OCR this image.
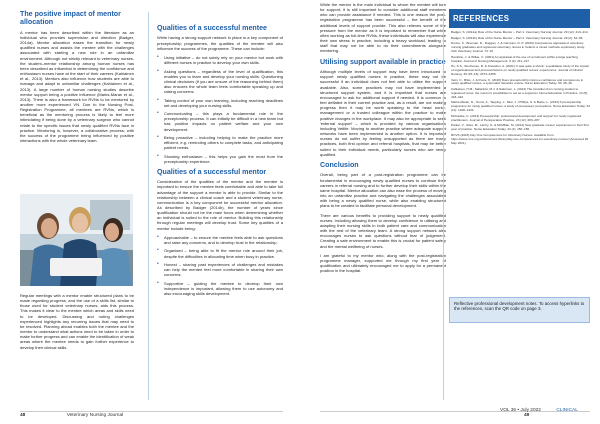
The positive impact of mentor allocation

A mentor has been described within the literature as an individual who provides supervision and direction (Badger, 2014a). Mentor allocation eases the transition for newly qualified nurses and assists the mentee with the challenges associated with starting a new role in an unfamiliar environment. Although not strictly relevant to veterinary nurses, the student–mentor relationship among human nurses has been described as influential in determining the confidence and enthusiasm nurses have at the start of their careers (Kahlainen et al., 2013). Mentors also influence how students are able to manage and adapt to unfamiliar challenges (Kahlainen et al., 2013). A large number of human nursing studies describe mentor support being a positive influence (Marks-Maran et al., 2013). There is also a framework for RVNs to be mentored by another more experienced VN. Due to the Nursing Post-Registration Programme, all mentees are RVNs, which is beneficial as the mentoring process is likely to feel more intimidating if being done by a veterinary surgeon who cannot relate to the specific issues that newly qualified RVNs face in practice. Mentoring is, however, a collaborative process; with the success of the programme being influenced by positive interactions with the whole veterinary team.

Regular meetings with a mentor enable structured plans to be made regarding progress, and the use of a skills list, similar to those used for student veterinary nurses, aids this process. This makes it clear to the mentee which areas and skills need to be developed. Discussing and noting challenges experienced highlights any recurring issues that may need to be resolved. Planning ahead enables both the mentee and the mentor to understand what actions need to be taken in order to make further progress and can enable the identification of weak areas where the mentee needs to gain further experience to develop their clinical skills.

Qualities of a successful mentee

While having a strong support network in place is a key component of preceptorship programmes, the qualities of the mentee will also influence the success of the programme. These can include:

• Using initiative – do not solely rely on your mentor but work with different nurses in practice to develop your own skills.
• Asking questions – regardless of the level of qualification, this enables you to learn and develop your nursing skills. Questioning clinical decisions (if you are unsure of the reasoning behind them) also ensures the whole team feels comfortable speaking up and raising concerns.
• Taking control of your own learning, including reaching deadlines set and developing your nursing skills.
• Communicating – this plays a fundamental role in the preceptorship process. It can initially be difficult in a new team but has positive impacts on patient welfare and your own development.
• Being proactive – including helping to make the practice more efficient, e.g. reminding others to complete tasks, and anticipating patient needs.
• Showing enthusiasm – this helps you gain the most from the preceptorship experience.
Qualities of a successful mentor

Consideration of the qualities of the mentor and the mentee is important to ensure the mentee feels comfortable and able to take full advantage of the support a mentor is able to provide. Similar to the relationship between a clinical coach and a student veterinary nurse, communication is a key component for successful mentor allocation. As described by Badger (2014b), the number of years since qualification should not be the main focus when determining whether an individual is suited to the role of mentor. Building this relationship through regular meetings will develop trust. Some key qualities of a mentor include being:

• Approachable – to ensure the mentee feels able to ask questions and raise any concerns, and to develop trust in the relationship.
• Organised – being able to fit the mentor role around their job, despite the difficulties in allocating time when busy in practice.
• Honest – sharing past experiences of challenges and mistakes can help the mentee feel more comfortable in sharing their own concerns.
• Supportive – guiding the mentee to develop their own independence is important, allowing them to use autonomy and also encouraging skills development.
48	Veterinary Nursing Journal

While the mentor is the main individual to whom the mentee will turn for support, it is still important to consider additional staff members who can provide assistance if needed. This is one reason the post-registration programme has been successful – the benefit of the additional levels of support provide. This also relieves some of the pressure from the mentor as it is important to remember that while often working as full-time RVNs, these individuals will also experience their own stress in practice, including a heavy workload, leading to staff that may not be able to do their commitments alongside mentoring.

Utilising support available in practice

Although multiple levels of support may have been introduced to support newly qualified nurses in practice, these may not be successful if an individual does not feel able to utilise the support available. Also, some practices may not have implemented a structured support system, and it is important that nurses are encouraged to ask for additional support if needed. It is common to feel deflated in their current practice and, as a result, are not making progress then it may be worth speaking to the head nurse, management or a trusted colleague within the practice to make positive changes in the workplace. It may also be appropriate to seek 'external support' – which is provided by various organisations including Vetlife. Moving to another practice where adequate support networks have been implemented is another option. It is important nurses do not suffer by feeling unsupported as there are many practices, both first opinion and referral hospitals, that may be better suited to their individual needs, particularly nurses who are newly qualified.

Conclusion

Overall, being part of a post-registration programme can be fundamental in encouraging newly qualified nurses to continue their careers in referral nursing and to further develop their skills within the same hospital. Mentor allocation can also ease the process of moving into an unfamiliar practice and navigating the challenges associated with being a newly qualified nurse, while also enabling structured plans to be created to facilitate personal development.

There are various benefits to providing support to newly qualified nurses, including allowing them to develop confidence in utilising and adapting their nursing skills in both patient care and communication with the rest of the veterinary team. A strong support network also encourages nurses to ask questions without fear of judgement. Creating a safe environment to enable this is crucial for patient safety and the mental wellbeing of nurses.

I am grateful to my mentor who, along with the post-registration programme manager, supported me through my first year of qualification and ultimately encouraged me to apply for a permanent position in the hospital.

VOL 36 • July 2022	CLINICAL 49
REFERENCES

Badger, S. (2014a) Role of the Nurse Mentor – Part 1. Veterinary Nursing Journal. 29 (12): 413–414.

Badger, S. (2014b) Role of the Nurse Mentor – Part 2. Veterinary Nursing Journal. 29 (2): 62–65.

Dunne, K., Brennan, D., Duggan, J. & Campion, D. P. (2020) Competence appraisal of veterinary nursing graduates and registered veterinary nurses in Ireland: a mixed methods exploratory study. Irish Veterinary Journal. 73: 10.

Hamilton, J. & Wilkie, C. (2001) An appraisal of the use of recruitment within a large teaching hospital. Journal of Nursing Management. 9 (4): 211–217.

Ho, S.S., Stenhouse, R. & Snowden, A. (2021) 'It was quite a shock': a qualitative study of the impact of organisational and personal factors on newly qualified nurses' experiences. Journal of Clinical Nursing. 30 (15–16): 2373–2385.

Irwin, C., Bliss, J. & Poole, K. (2018) Does preceptorship improve confidence and competence in newly qualified nurses: a systematic literature review. Nurse Education Today. 60: 35–46.

Kahlainen, H.M., Sallankivi, M.J. & Salminen, L. (2013) The transition from nursing student to registered nurse: the mentor's possibilities to act as a supporter. Nurse Education in Practice. 13 (5): 418–422.

Marks-Maran, D., Ooms, A., Tapping, J., Muir, J., Phillips, S. & Burke, L. (2013) A preceptorship programme for newly qualified nurses: a study of preceptees' perceptions. Nurse Education Today. 33 (11): 1428–1434.

McCaskie, C. (2013) Preceptorship: professional development and support for newly registered practitioners. Journal of Perioperative Practice. 23 (12): 283–287.

Parker, V., Giles, M., Lantry, G. & McMillan, M. (2014) New graduate nurses' experiences in their first year of practice. Nurse Education Today. 34 (1): 150–156.

RCVS (2018) Day One Competences for Veterinary Nurses. Available from: https://www.rcvs.org.uk/document-library/day-one-competences-for-veterinary-nurses/ (Accessed 20 May 2021).

Reflective professional development notes. To access hyperlinks to the references, scan the QR code on page 3.
